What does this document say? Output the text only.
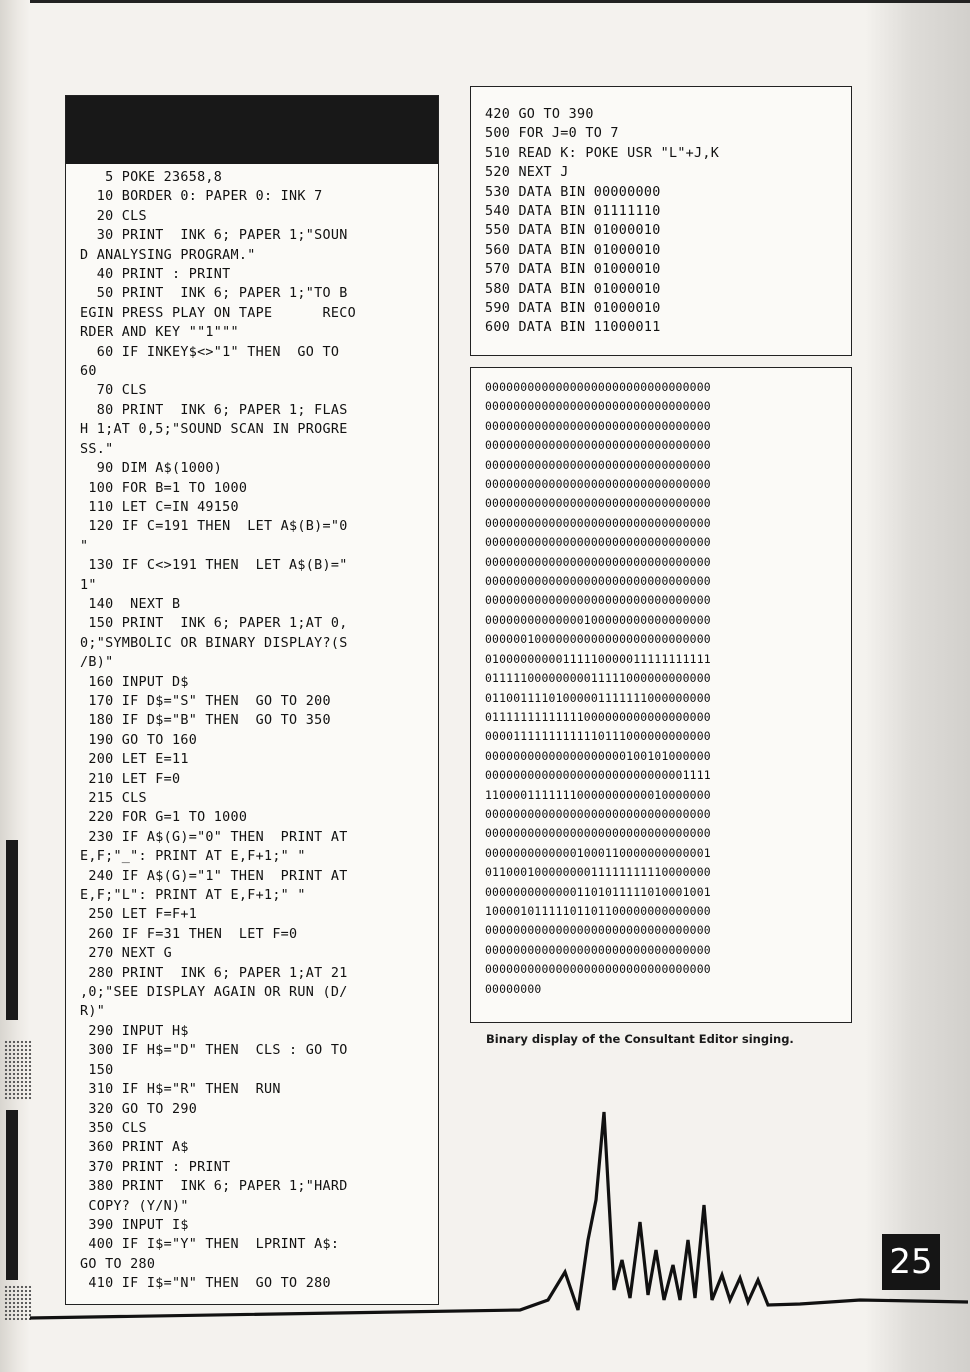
5 POKE 23658,8
10 BORDER 0: PAPER 0: INK 7
20 CLS
30 PRINT  INK 6; PAPER 1;"SOUN
D ANALYSING PROGRAM."
40 PRINT : PRINT
50 PRINT  INK 6; PAPER 1;"TO B
EGIN PRESS PLAY ON TAPE      RECO
RDER AND KEY ""1"""
60 IF INKEY$<>"1" THEN  GO TO
60
70 CLS
80 PRINT  INK 6; PAPER 1; FLAS
H 1;AT 0,5;"SOUND SCAN IN PROGRE
SS."
90 DIM A$(1000)
100 FOR B=1 TO 1000
110 LET C=IN 49150
120 IF C=191 THEN  LET A$(B)="0
"
130 IF C<>191 THEN  LET A$(B)="
1"
140  NEXT B
150 PRINT  INK 6; PAPER 1;AT 0,
0;"SYMBOLIC OR BINARY DISPLAY?(S
/B)"
160 INPUT D$
170 IF D$="S" THEN  GO TO 200
180 IF D$="B" THEN  GO TO 350
190 GO TO 160
200 LET E=11
210 LET F=0
215 CLS
220 FOR G=1 TO 1000
230 IF A$(G)="0" THEN  PRINT AT
E,F;"_": PRINT AT E,F+1;" "
240 IF A$(G)="1" THEN  PRINT AT
E,F;"L": PRINT AT E,F+1;" "
250 LET F=F+1
260 IF F=31 THEN  LET F=0
270 NEXT G
280 PRINT  INK 6; PAPER 1;AT 21
,0;"SEE DISPLAY AGAIN OR RUN (D/
R)"
290 INPUT H$
300 IF H$="D" THEN  CLS : GO TO
150
310 IF H$="R" THEN  RUN
320 GO TO 290
350 CLS
360 PRINT A$
370 PRINT : PRINT
380 PRINT  INK 6; PAPER 1;"HARD
COPY? (Y/N)"
390 INPUT I$
400 IF I$="Y" THEN  LPRINT A$:
GO TO 280
410 IF I$="N" THEN  GO TO 280
420 GO TO 390
500 FOR J=0 TO 7
510 READ K: POKE USR "L"+J,K
520 NEXT J
530 DATA BIN 00000000
540 DATA BIN 01111110
550 DATA BIN 01000010
560 DATA BIN 01000010
570 DATA BIN 01000010
580 DATA BIN 01000010
590 DATA BIN 01000010
600 DATA BIN 11000011
00000000000000000000000000000000
00000000000000000000000000000000
00000000000000000000000000000000
00000000000000000000000000000000
00000000000000000000000000000000
00000000000000000000000000000000
00000000000000000000000000000000
00000000000000000000000000000000
00000000000000000000000000000000
00000000000000000000000000000000
00000000000000000000000000000000
00000000000000000000000000000000
00000000000000100000000000000000
00000010000000000000000000000000
01000000000111110000011111111111
01111100000000011111000000000000
01100111101000001111111000000000
01111111111111000000000000000000
00001111111111110111000000000000
00000000000000000000100101000000
00000000000000000000000000001111
11000011111110000000000010000000
00000000000000000000000000000000
00000000000000000000000000000000
00000000000001000110000000000001
01100010000000011111111110000000
00000000000001101011111010001001
10000101111101101100000000000000
00000000000000000000000000000000
00000000000000000000000000000000
00000000000000000000000000000000
00000000
Binary display of the Consultant Editor singing.
25
